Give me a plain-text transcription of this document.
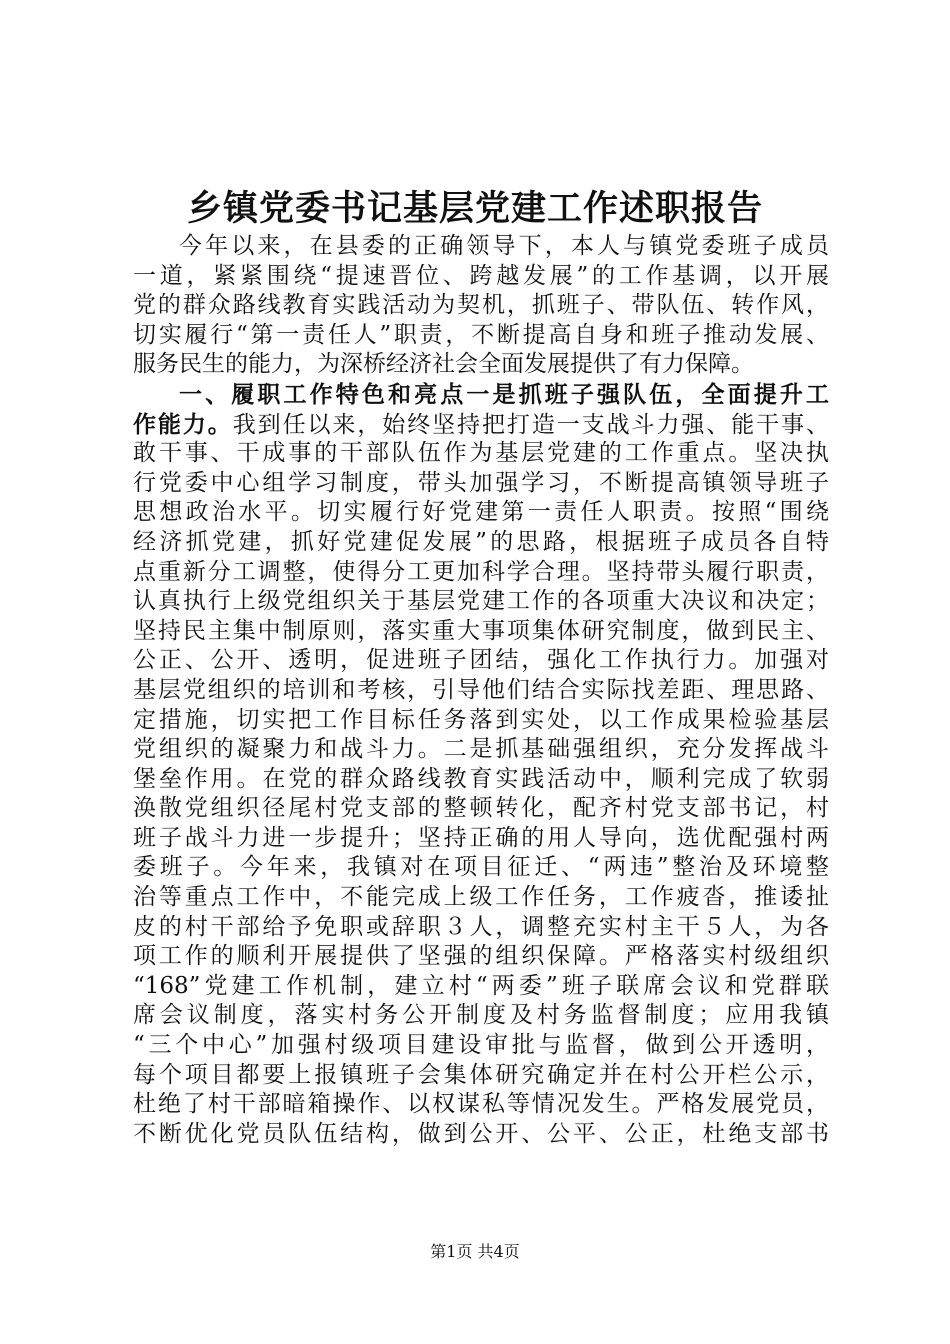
乡镇党委书记基层党建工作述职报告
今年以来，在县委的正确领导下，本人与镇党委班子成员
一道，紧紧围绕“提速晋位、跨越发展”的工作基调，以开展
党的群众路线教育实践活动为契机，抓班子、带队伍、转作风，
切实履行“第一责任人”职责，不断提高自身和班子推动发展、
服务民生的能力，为深桥经济社会全面发展提供了有力保障。
一、履职工作特色和亮点一是抓班子强队伍，全面提升工
作能力。我到任以来，始终坚持把打造一支战斗力强、能干事、
敢干事、干成事的干部队伍作为基层党建的工作重点。坚决执
行党委中心组学习制度，带头加强学习，不断提高镇领导班子
思想政治水平。切实履行好党建第一责任人职责。按照“围绕
经济抓党建，抓好党建促发展”的思路，根据班子成员各自特
点重新分工调整，使得分工更加科学合理。坚持带头履行职责，
认真执行上级党组织关于基层党建工作的各项重大决议和决定；
坚持民主集中制原则，落实重大事项集体研究制度，做到民主、
公正、公开、透明，促进班子团结，强化工作执行力。加强对
基层党组织的培训和考核，引导他们结合实际找差距、理思路、
定措施，切实把工作目标任务落到实处，以工作成果检验基层
党组织的凝聚力和战斗力。二是抓基础强组织，充分发挥战斗
堡垒作用。在党的群众路线教育实践活动中，顺利完成了软弱
涣散党组织径尾村党支部的整顿转化，配齐村党支部书记，村
班子战斗力进一步提升；坚持正确的用人导向，选优配强村两
委班子。今年来，我镇对在项目征迁、“两违”整治及环境整
治等重点工作中，不能完成上级工作任务，工作疲沓，推诿扯
皮的村干部给予免职或辞职３人，调整充实村主干５人，为各
项工作的顺利开展提供了坚强的组织保障。严格落实村级组织
“168”党建工作机制，建立村“两委”班子联席会议和党群联
席会议制度，落实村务公开制度及村务监督制度；应用我镇
“三个中心”加强村级项目建设审批与监督，做到公开透明，
每个项目都要上报镇班子会集体研究确定并在村公开栏公示，
杜绝了村干部暗箱操作、以权谋私等情况发生。严格发展党员，
不断优化党员队伍结构，做到公开、公平、公正，杜绝支部书
第1页 共4页
